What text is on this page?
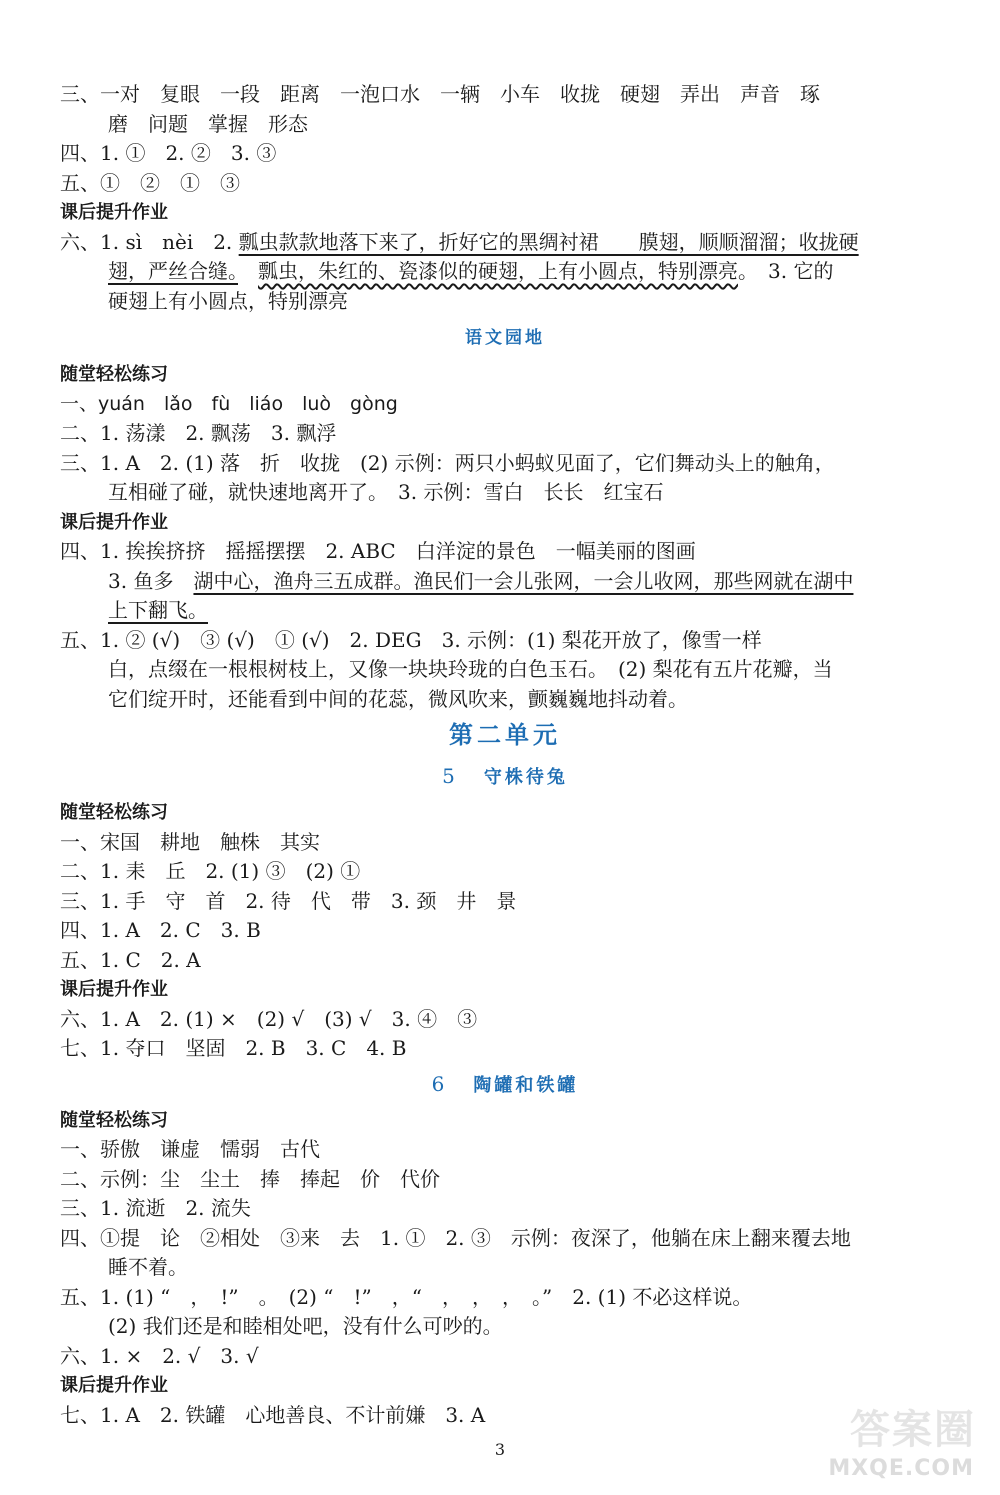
三、一对　复眼　一段　距离　一泡口水　一辆　小车　收拢　硬翅　弄出　声音　琢
磨　问题　掌握　形态
四、1. ①　2. ②　3. ③
五、①　②　①　③
课后提升作业
六、1. sì　nèi　2. 瓢虫款款地落下来了，折好它的黑绸衬裙　　膜翅，顺顺溜溜；收拢硬
翅，严丝合缝。　 瓢虫，朱红的、瓷漆似的硬翅，上有小圆点，特别漂亮。　3. 它的
硬翅上有小圆点，特别漂亮
语文园地
随堂轻松练习
一、yuán　lǎo　fù　liáo　luò　gòng
二、1. 荡漾　2. 飘荡　3. 飘浮
三、1. A　2. (1) 落　折　收拢　(2) 示例：两只小蚂蚁见面了，它们舞动头上的触角，
互相碰了碰，就快速地离开了。　3. 示例：雪白　长长　红宝石
课后提升作业
四、1. 挨挨挤挤　摇摇摆摆　2. ABC　白洋淀的景色　一幅美丽的图画
3. 鱼多　湖中心，渔舟三五成群。渔民们一会儿张网，一会儿收网，那些网就在湖中
上下翻飞。
五、1. ② (√)　③ (√)　① (√)　2. DEG　3. 示例：(1) 梨花开放了，像雪一样
白，点缀在一根根树枝上，又像一块块玲珑的白色玉石。　(2) 梨花有五片花瓣，当
它们绽开时，还能看到中间的花蕊，微风吹来，颤巍巍地抖动着。
第二单元
5 守株待兔
随堂轻松练习
一、宋国　耕地　触株　其实
二、1. 耒　丘　2. (1) ③　(2) ①
三、1. 手　守　首　2. 待　代　带　3. 颈　井　景
四、1. A　2. C　3. B
五、1. C　2. A
课后提升作业
六、1. A　2. (1) ×　(2) √　(3) √　3. ④　③
七、1. 夺口　坚固　2. B　3. C　4. B
6 陶罐和铁罐
随堂轻松练习
一、骄傲　谦虚　懦弱　古代
二、示例：尘　尘土　捧　捧起　价　代价
三、1. 流逝　2. 流失
四、①提　论　②相处　③来　去　1. ①　2. ③　示例：夜深了，他躺在床上翻来覆去地
睡不着。
五、1. (1) “　，　!”　。　(2) “　!”　，“　，　，　，　。”　2. (1) 不必这样说。
(2) 我们还是和睦相处吧，没有什么可吵的。
六、1. ×　2. √　3. √
课后提升作业
七、1. A　2. 铁罐　心地善良、不计前嫌　3. A
3	答案圈
MXQE.COM
